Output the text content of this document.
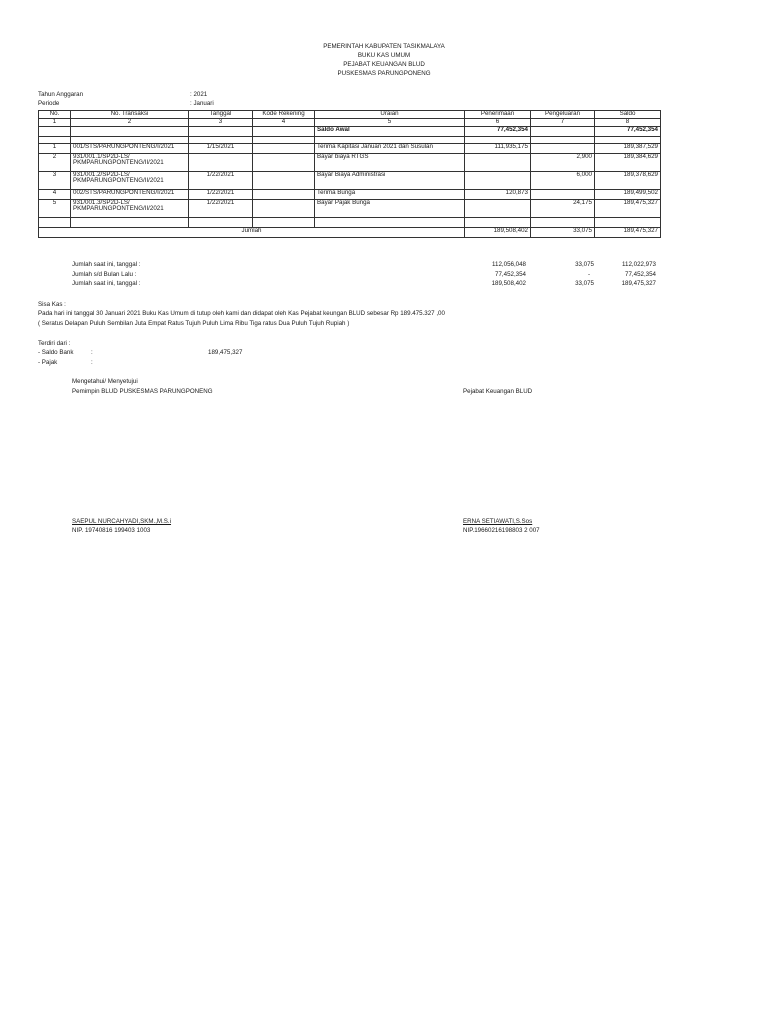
PEMERINTAH KABUPATEN TASIKMALAYA
BUKU KAS UMUM
PEJABAT KEUANGAN BLUD
PUSKESMAS PARUNGPONENG
Tahun Anggaran	: 2021
Periode	: Januari
No.	No. Transaksi	Tanggal	Kode Rekening	Uraian	Penerimaan	Pengeluaran	Saldo
1	2	3	4	5	6	7	8
				Saldo Awal	77,452,354		77,452,354

1	001/STS/PARUNGPONTENG/I/2021	1/15/2021		Terima Kapitasi Januari 2021 dan Susulan	111,935,175		189,387,529
2	931/001.1/SP2D-LS/ PKMPARUNGPONTENG/II/2021			Bayar biaya RTGS		2,900	189,384,629
3	931/001.2/SP2D-LS/ PKMPARUNGPONTENG/II/2021	1/22/2021		Bayar Biaya Administrasi		6,000	189,378,629
4	002/STS/PARUNGPONTENG/I/2021	1/22/2021		Terima Bunga	120,873		189,499,502
5	931/001.3/SP2D-LS/ PKMPARUNGPONTENG/II/2021	1/22/2021		Bayar Pajak Bunga		24,175	189,475,327

Jumlah					189,508,402	33,075	189,475,327
Jumlah saat ini, tanggal :	112,056,048	33,075	112,022,973
Jumlah s/d Bulan Lalu :	77,452,354	-	77,452,354
Jumlah saat ini, tanggal :	189,508,402	33,075	189,475,327
Sisa Kas :
Pada hari ini tanggal 30 Januari 2021 Buku Kas Umum di tutup oleh kami dan didapat oleh Kas Pejabat keungan BLUD sebesar Rp 189.475.327 ,00
( Seratus Delapan Puluh Sembilan Juta Empat Ratus Tujuh Puluh Lima Ribu Tiga ratus Dua Puluh Tujuh Rupiah )
Terdiri dari :
- Saldo Bank	:	189,475,327
- Pajak	:
Mengetahui/ Menyetujui
Pemimpin BLUD PUSKESMAS PARUNGPONENG	Pejabat Keuangan BLUD
SAEPUL NURCAHYADI,SKM.,M.S.i
NIP. 19740816 199403 1003
ERNA SETIAWATI,S.Sos
NIP.19660216198803 2 007
